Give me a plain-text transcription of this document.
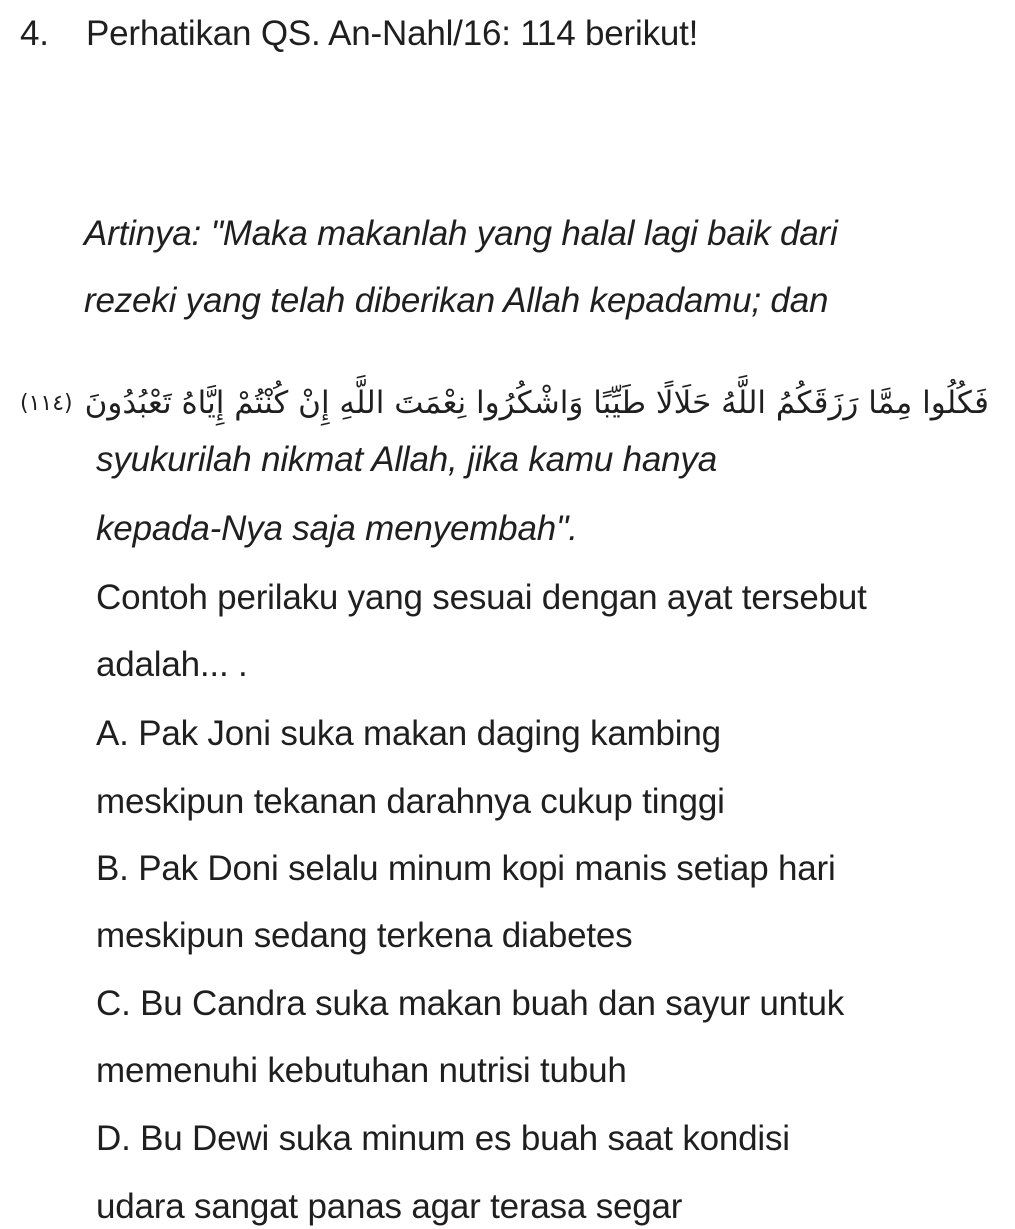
4. Perhatikan QS. An-Nahl/16: 114 berikut!
Artinya: "Maka makanlah yang halal lagi baik dari
rezeki yang telah diberikan Allah kepadamu; dan
فَكُلُوا مِمَّا رَزَقَكُمُ اللَّهُ حَلَالًا طَيِّبًا وَاشْكُرُوا نِعْمَتَ اللَّهِ إِنْ كُنْتُمْ إِيَّاهُ تَعْبُدُونَ
(١١٤)
syukurilah nikmat Allah, jika kamu hanya
kepada-Nya saja menyembah".
Contoh perilaku yang sesuai dengan ayat tersebut
adalah... .
A. Pak Joni suka makan daging kambing
meskipun tekanan darahnya cukup tinggi
B. Pak Doni selalu minum kopi manis setiap hari
meskipun sedang terkena diabetes
C. Bu Candra suka makan buah dan sayur untuk
memenuhi kebutuhan nutrisi tubuh
D. Bu Dewi suka minum es buah saat kondisi
udara sangat panas agar terasa segar
